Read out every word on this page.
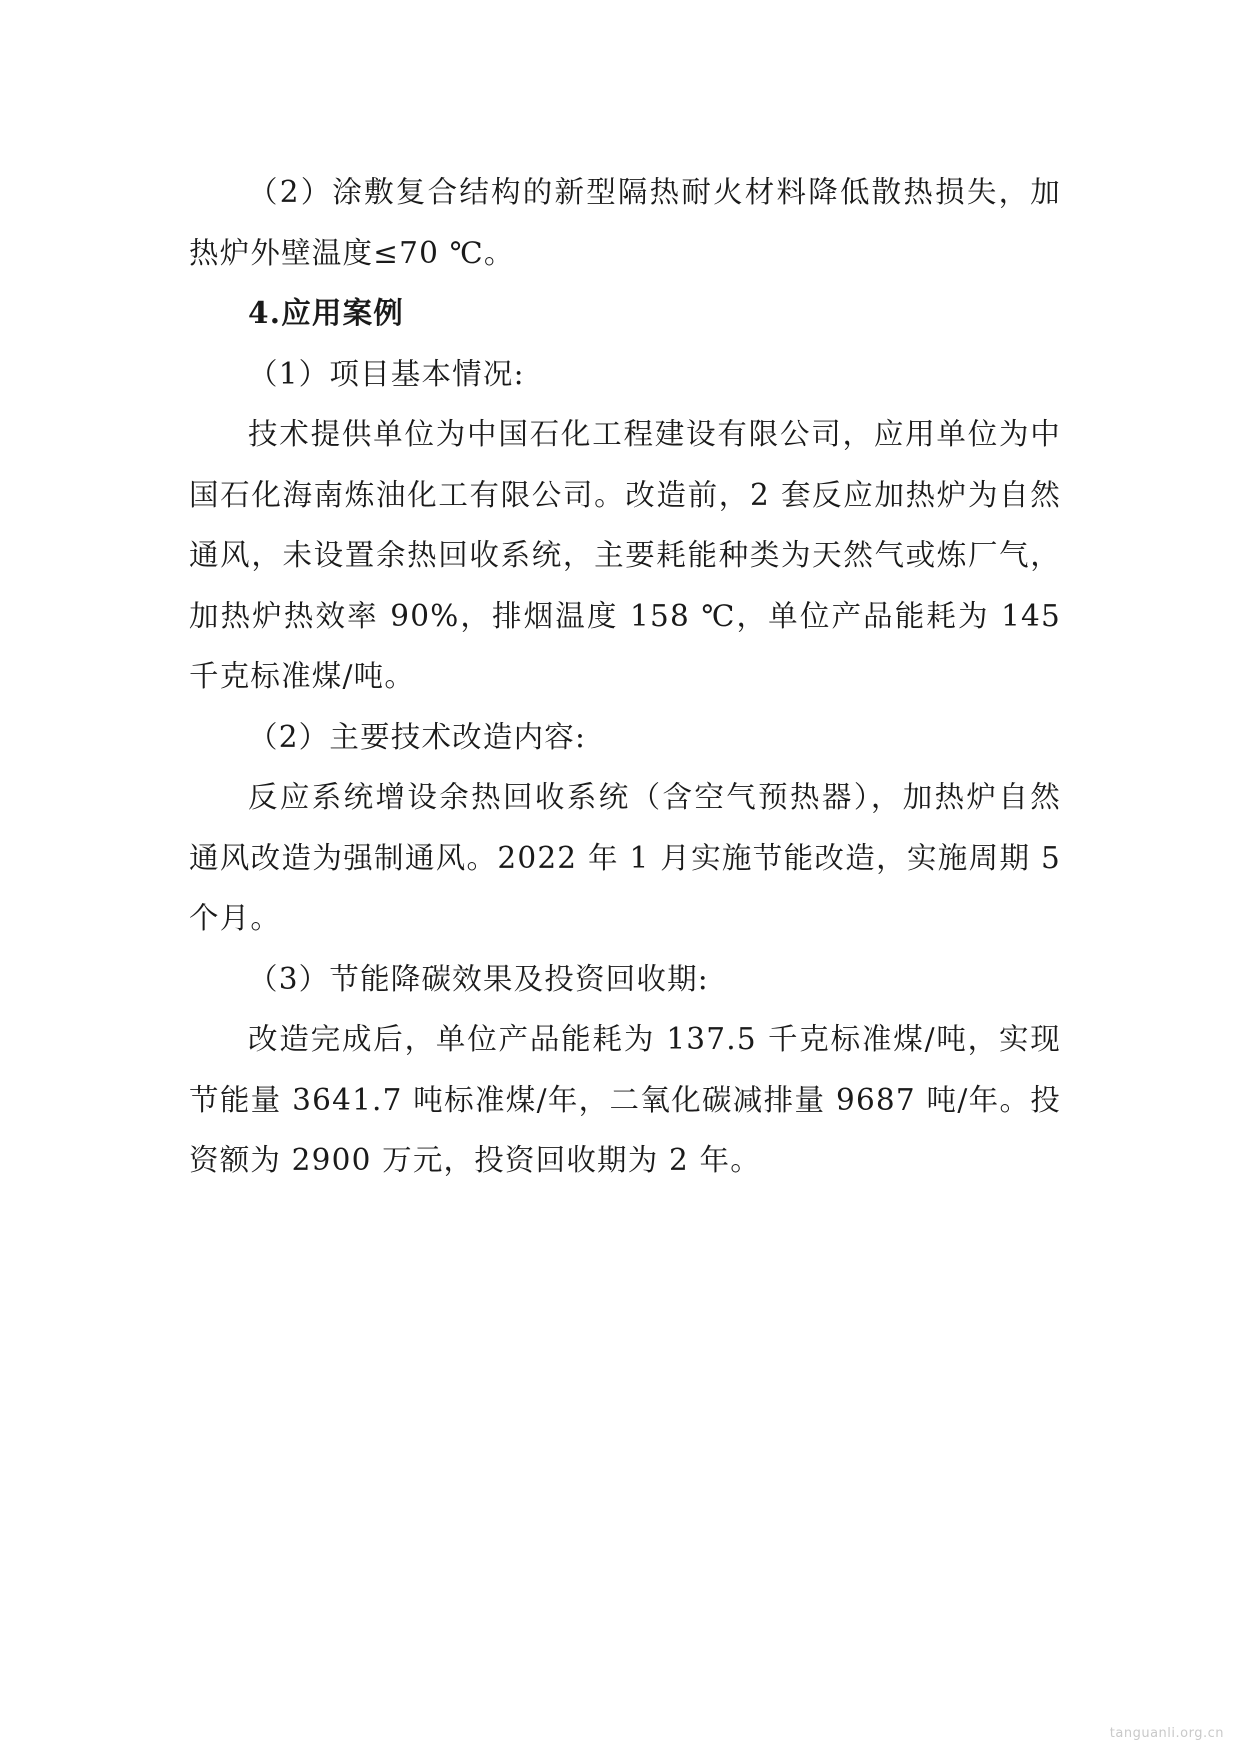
（2）涂敷复合结构的新型隔热耐火材料降低散热损失，加热炉外壁温度≤70 ℃。

4.应用案例

（1）项目基本情况:

技术提供单位为中国石化工程建设有限公司，应用单位为中国石化海南炼油化工有限公司。改造前，2 套反应加热炉为自然通风，未设置余热回收系统，主要耗能种类为天然气或炼厂气，加热炉热效率 90%，排烟温度 158 ℃，单位产品能耗为 145 千克标准煤/吨。

（2）主要技术改造内容:

反应系统增设余热回收系统（含空气预热器），加热炉自然通风改造为强制通风。2022 年 1 月实施节能改造，实施周期 5 个月。

（3）节能降碳效果及投资回收期:

改造完成后，单位产品能耗为 137.5 千克标准煤/吨，实现节能量 3641.7 吨标准煤/年，二氧化碳减排量 9687 吨/年。投资额为 2900 万元，投资回收期为 2 年。

tanguanli.org.cn
